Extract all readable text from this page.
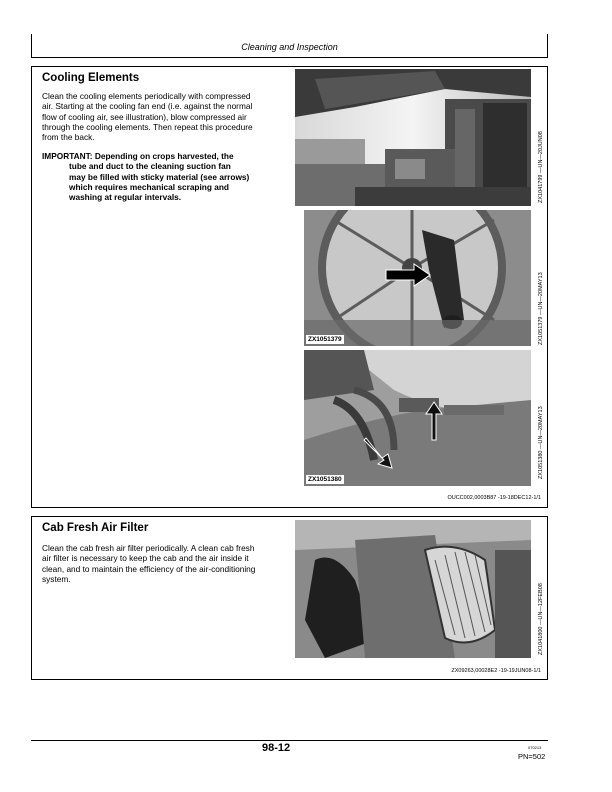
Cleaning and Inspection
Cooling Elements
Clean the cooling elements periodically with compressed
air. Starting at the cooling fan end (i.e. against the normal
flow of cooling air, see illustration), blow compressed air
through the cooling elements. Then repeat this procedure
from the back.
IMPORTANT: Depending on crops harvested, the
tube and duct to the cleaning suction fan
may be filled with sticky material (see arrows)
which requires mechanical scraping and
washing at regular intervals.	ZX1041799 —UN—20JUN08
ZX1051379	ZX1051379 —UN—20MAY13
ZX1051380
ZX1051380 —UN—20MAY13
OUCC002,0003B87 -19-18DEC12-1/1
Cab Fresh Air Filter
Clean the cab fresh air filter periodically. A clean cab fresh
air filter is necessary to keep the cab and the air inside it
clean, and to maintain the efficiency of the air-conditioning
system.
ZX1041800 —UN—12FEB08
ZX09263,00028E2 -19-19JUN08-1/1
98-12	070213
PN=502
